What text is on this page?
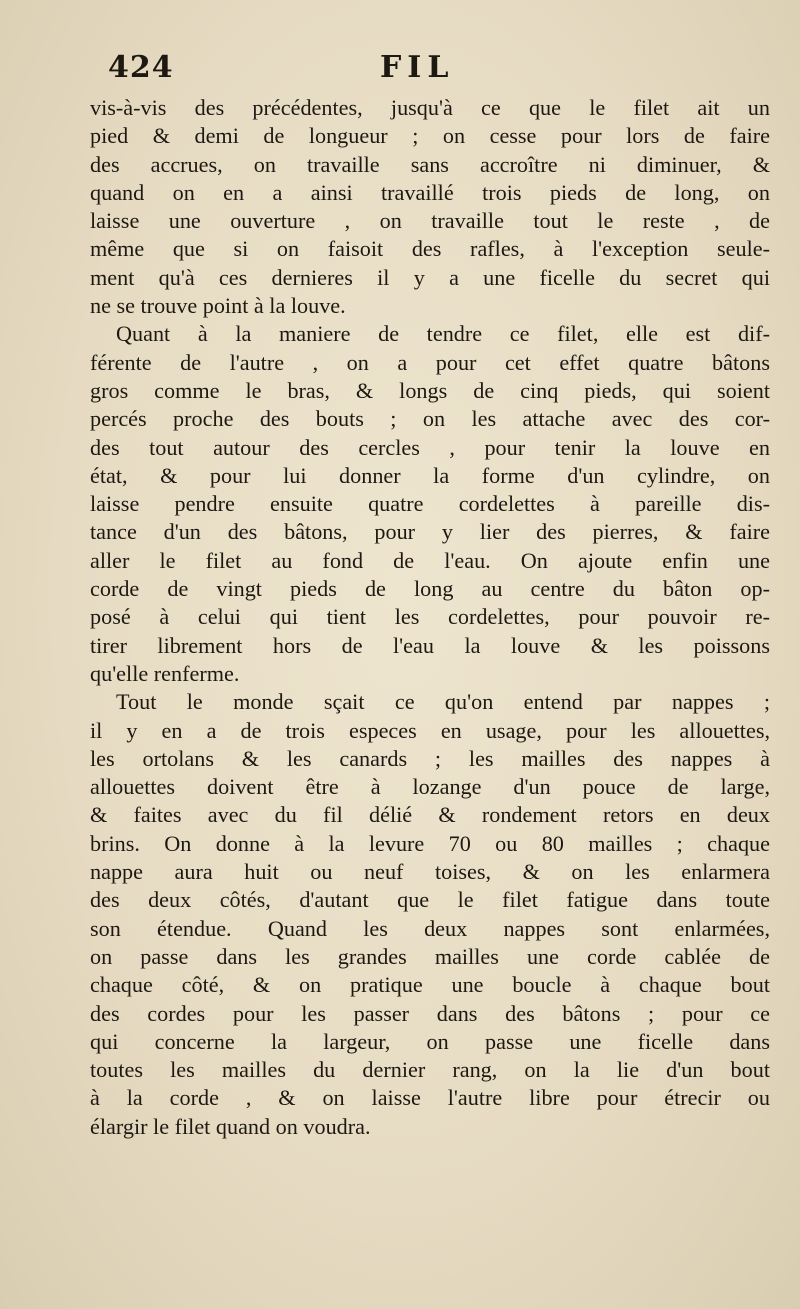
424	FIL
vis-à-vis des précédentes, jusqu'à ce que le filet ait un
pied & demi de longueur ; on cesse pour lors de faire
des accrues, on travaille sans accroître ni diminuer, &
quand on en a ainsi travaillé trois pieds de long, on
laisse une ouverture , on travaille tout le reste , de
même que si on faisoit des rafles, à l'exception seule-
ment qu'à ces dernieres il y a une ficelle du secret qui
ne se trouve point à la louve.
Quant à la maniere de tendre ce filet, elle est dif-
férente de l'autre , on a pour cet effet quatre bâtons
gros comme le bras, & longs de cinq pieds, qui soient
percés proche des bouts ; on les attache avec des cor-
des tout autour des cercles , pour tenir la louve en
état, & pour lui donner la forme d'un cylindre, on
laisse pendre ensuite quatre cordelettes à pareille dis-
tance d'un des bâtons, pour y lier des pierres, & faire
aller le filet au fond de l'eau. On ajoute enfin une
corde de vingt pieds de long au centre du bâton op-
posé à celui qui tient les cordelettes, pour pouvoir re-
tirer librement hors de l'eau la louve & les poissons
qu'elle renferme.
Tout le monde sçait ce qu'on entend par nappes ;
il y en a de trois especes en usage, pour les allouettes,
les ortolans & les canards ; les mailles des nappes à
allouettes doivent être à lozange d'un pouce de large,
& faites avec du fil délié & rondement retors en deux
brins. On donne à la levure 70 ou 80 mailles ; chaque
nappe aura huit ou neuf toises, & on les enlarmera
des deux côtés, d'autant que le filet fatigue dans toute
son étendue. Quand les deux nappes sont enlarmées,
on passe dans les grandes mailles une corde cablée de
chaque côté, & on pratique une boucle à chaque bout
des cordes pour les passer dans des bâtons ; pour ce
qui concerne la largeur, on passe une ficelle dans
toutes les mailles du dernier rang, on la lie d'un bout
à la corde , & on laisse l'autre libre pour étrecir ou
élargir le filet quand on voudra.
